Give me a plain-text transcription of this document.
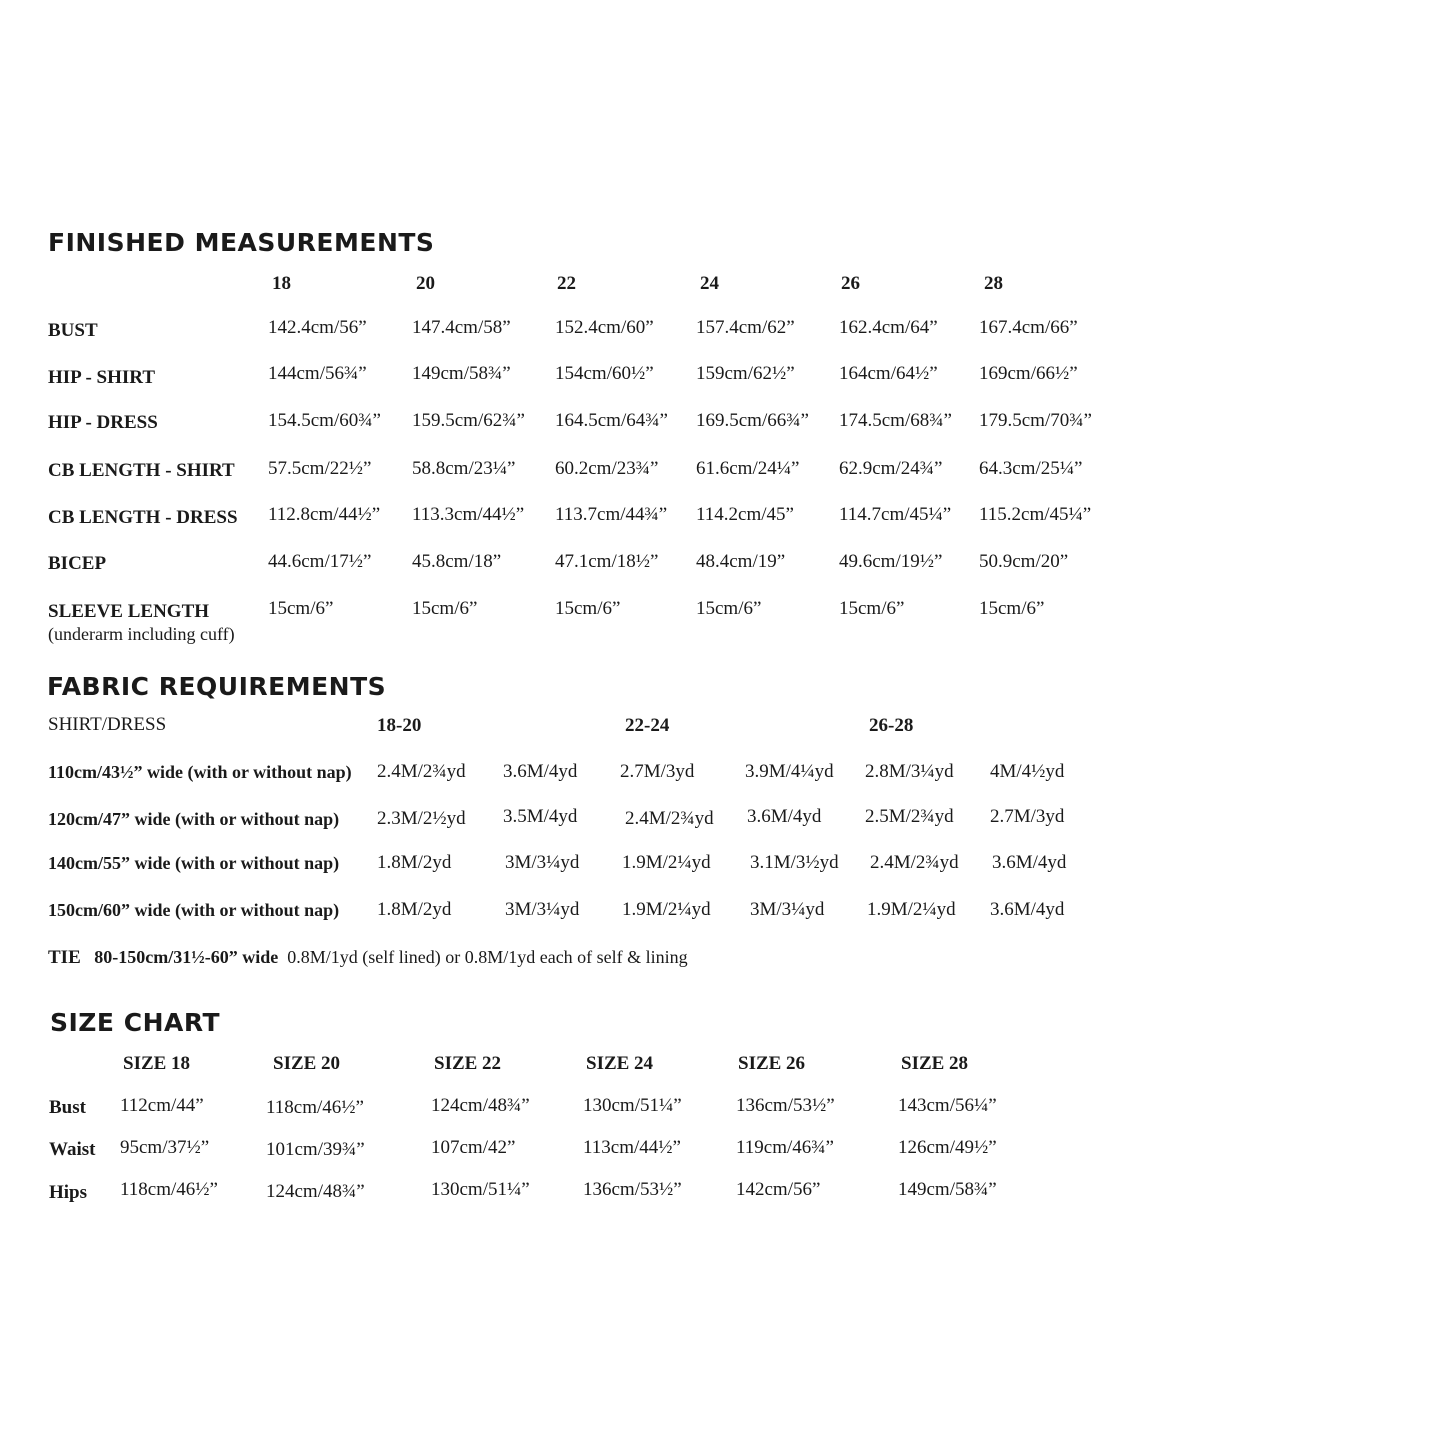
FINISHED MEASUREMENTS
18	20	22	24	26	28
BUST	142.4cm/56” 147.4cm/58” 152.4cm/60” 157.4cm/62” 162.4cm/64” 167.4cm/66”
HIP - SHIRT	144cm/56¾” 149cm/58¾” 154cm/60½” 159cm/62½” 164cm/64½” 169cm/66½”
HIP - DRESS	154.5cm/60¾” 159.5cm/62¾” 164.5cm/64¾” 169.5cm/66¾” 174.5cm/68¾” 179.5cm/70¾”
CB LENGTH - SHIRT 57.5cm/22½” 58.8cm/23¼” 60.2cm/23¾” 61.6cm/24¼” 62.9cm/24¾” 64.3cm/25¼”
CB LENGTH - DRESS 112.8cm/44½” 113.3cm/44½” 113.7cm/44¾” 114.2cm/45” 114.7cm/45¼” 115.2cm/45¼”
BICEP	44.6cm/17½” 45.8cm/18”	47.1cm/18½” 48.4cm/19”	49.6cm/19½” 50.9cm/20”
SLEEVE LENGTH
(underarm including cuff)
15cm/6”	15cm/6”	15cm/6”	15cm/6”	15cm/6”	15cm/6”
FABRIC REQUIREMENTS
SHIRT/DRESS	18-20	22-24	26-28
110cm/43½” wide (with or without nap) 2.4M/2¾yd 3.6M/4yd 2.7M/3yd	3.9M/4¼yd 2.8M/3¼yd 4M/4½yd
120cm/47” wide (with or without nap) 2.3M/2½yd 3.5M/4yd	2.4M/2¾yd 3.6M/4yd 2.5M/2¾yd 2.7M/3yd
140cm/55” wide (with or without nap) 1.8M/2yd	3M/3¼yd 1.9M/2¼yd 3.1M/3½yd 2.4M/2¾yd 3.6M/4yd
150cm/60” wide (with or without nap) 1.8M/2yd	3M/3¼yd 1.9M/2¼yd 3M/3¼yd 1.9M/2¼yd 3.6M/4yd
TIE 80-150cm/31½-60” wide 0.8M/1yd (self lined) or 0.8M/1yd each of self & lining
SIZE CHART
SIZE 18	SIZE 20	SIZE 22	SIZE 24	SIZE 26	SIZE 28
Bust 112cm/44”	118cm/46½”	124cm/48¾”	130cm/51¼”	136cm/53½”	143cm/56¼”
Waist 95cm/37½”	101cm/39¾”	107cm/42”	113cm/44½”	119cm/46¾”	126cm/49½”
Hips 118cm/46½”	124cm/48¾”	130cm/51¼”	136cm/53½”	142cm/56”	149cm/58¾”
